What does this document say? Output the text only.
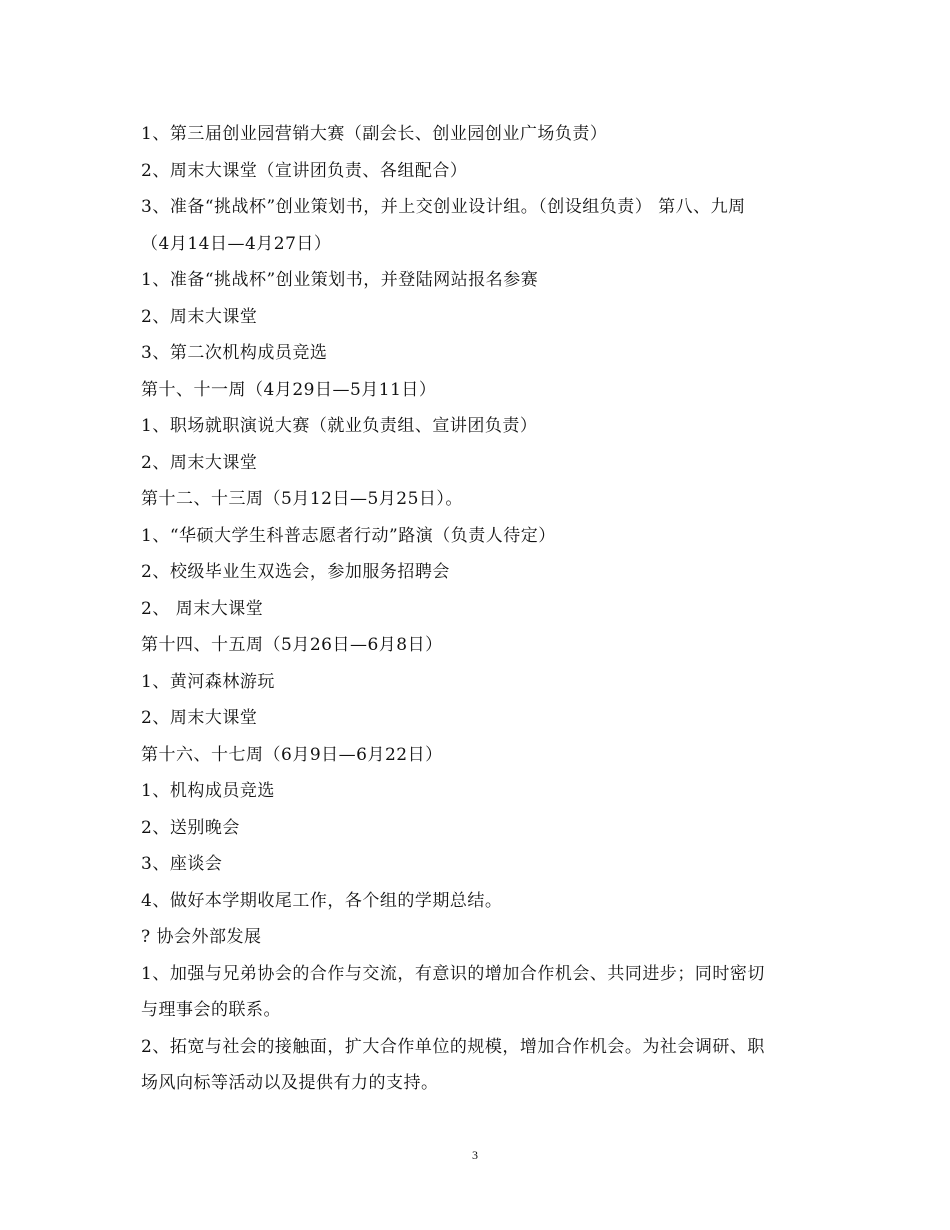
1、第三届创业园营销大赛（副会长、创业园创业广场负责）
2、周末大课堂（宣讲团负责、各组配合）
3、准备“挑战杯”创业策划书，并上交创业设计组。（创设组负责） 第八、九周
（4月14日—4月27日）
1、准备“挑战杯”创业策划书，并登陆网站报名参赛
2、周末大课堂
3、第二次机构成员竞选
第十、十一周（4月29日—5月11日）
1、职场就职演说大赛（就业负责组、宣讲团负责）
2、周末大课堂
第十二、十三周（5月12日—5月25日）。
1、“华硕大学生科普志愿者行动”路演（负责人待定）
2、校级毕业生双选会，参加服务招聘会
2、 周末大课堂
第十四、十五周（5月26日—6月8日）
1、黄河森林游玩
2、周末大课堂
第十六、十七周（6月9日—6月22日）
1、机构成员竞选
2、送别晚会
3、座谈会
4、做好本学期收尾工作，各个组的学期总结。
? 协会外部发展
1、加强与兄弟协会的合作与交流，有意识的增加合作机会、共同进步；同时密切
与理事会的联系。
2、拓宽与社会的接触面，扩大合作单位的规模，增加合作机会。为社会调研、职
场风向标等活动以及提供有力的支持。
3
